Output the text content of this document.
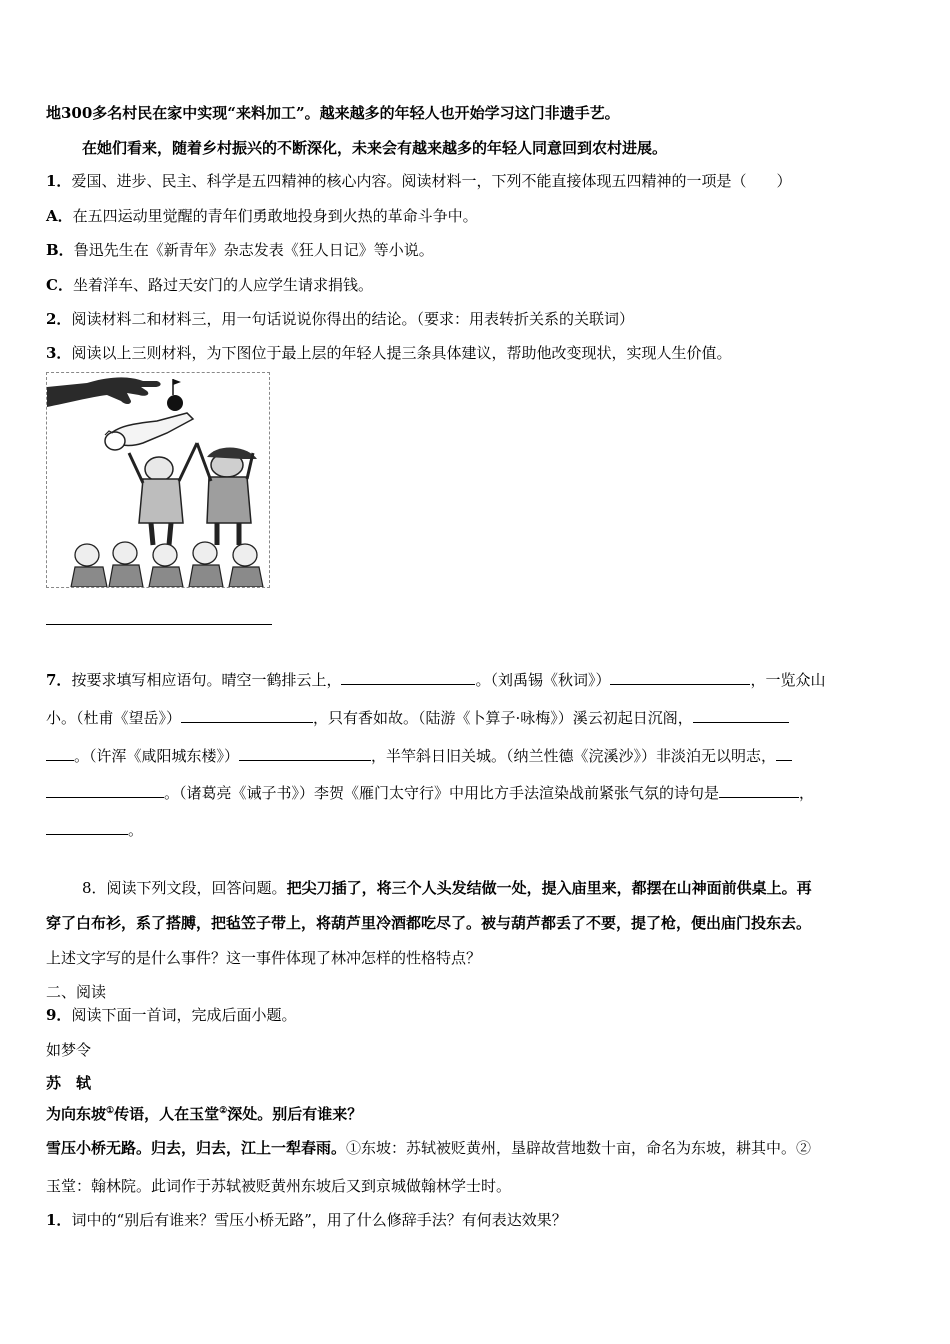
地300多名村民在家中实现“来料加工”。越来越多的年轻人也开始学习这门非遗手艺。
在她们看来，随着乡村振兴的不断深化，未来会有越来越多的年轻人同意回到农村进展。
1．爱国、进步、民主、科学是五四精神的核心内容。阅读材料一，下列不能直接体现五四精神的一项是（　　）
A．在五四运动里觉醒的青年们勇敢地投身到火热的革命斗争中。
B．鲁迅先生在《新青年》杂志发表《狂人日记》等小说。
C．坐着洋车、路过天安门的人应学生请求捐钱。
2．阅读材料二和材料三，用一句话说说你得出的结论。（要求：用表转折关系的关联词）
3．阅读以上三则材料，为下图位于最上层的年轻人提三条具体建议，帮助他改变现状，实现人生价值。
7．按要求填写相应语句。晴空一鹤排云上，	。（刘禹锡《秋词》）	，一览众山
小。（杜甫《望岳》）	，只有香如故。（陆游《卜算子·咏梅》）溪云初起日沉阁，
。（许浑《咸阳城东楼》）	，半竿斜日旧关城。（纳兰性德《浣溪沙》）非淡泊无以明志，
。（诸葛亮《诫子书》）李贺《雁门太守行》中用比方手法渲染战前紧张气氛的诗句是	，
。
8．阅读下列文段，回答问题。把尖刀插了，将三个人头发结做一处，提入庙里来，都摆在山神面前供桌上。再
穿了白布衫，系了搭膊，把毡笠子带上，将葫芦里冷酒都吃尽了。被与葫芦都丢了不要，提了枪，便出庙门投东去。
上述文字写的是什么事件？这一事件体现了林冲怎样的性格特点？
二、阅读
9．阅读下面一首词，完成后面小题。
如梦令
苏　轼
为向东坡①传语，人在玉堂②深处。别后有谁来？
雪压小桥无路。归去，归去，江上一犁春雨。①东坡：苏轼被贬黄州，垦辟故营地数十亩，命名为东坡，耕其中。②
玉堂：翰林院。此词作于苏轼被贬黄州东坡后又到京城做翰林学士时。
1．词中的“别后有谁来？雪压小桥无路”，用了什么修辞手法？有何表达效果？
